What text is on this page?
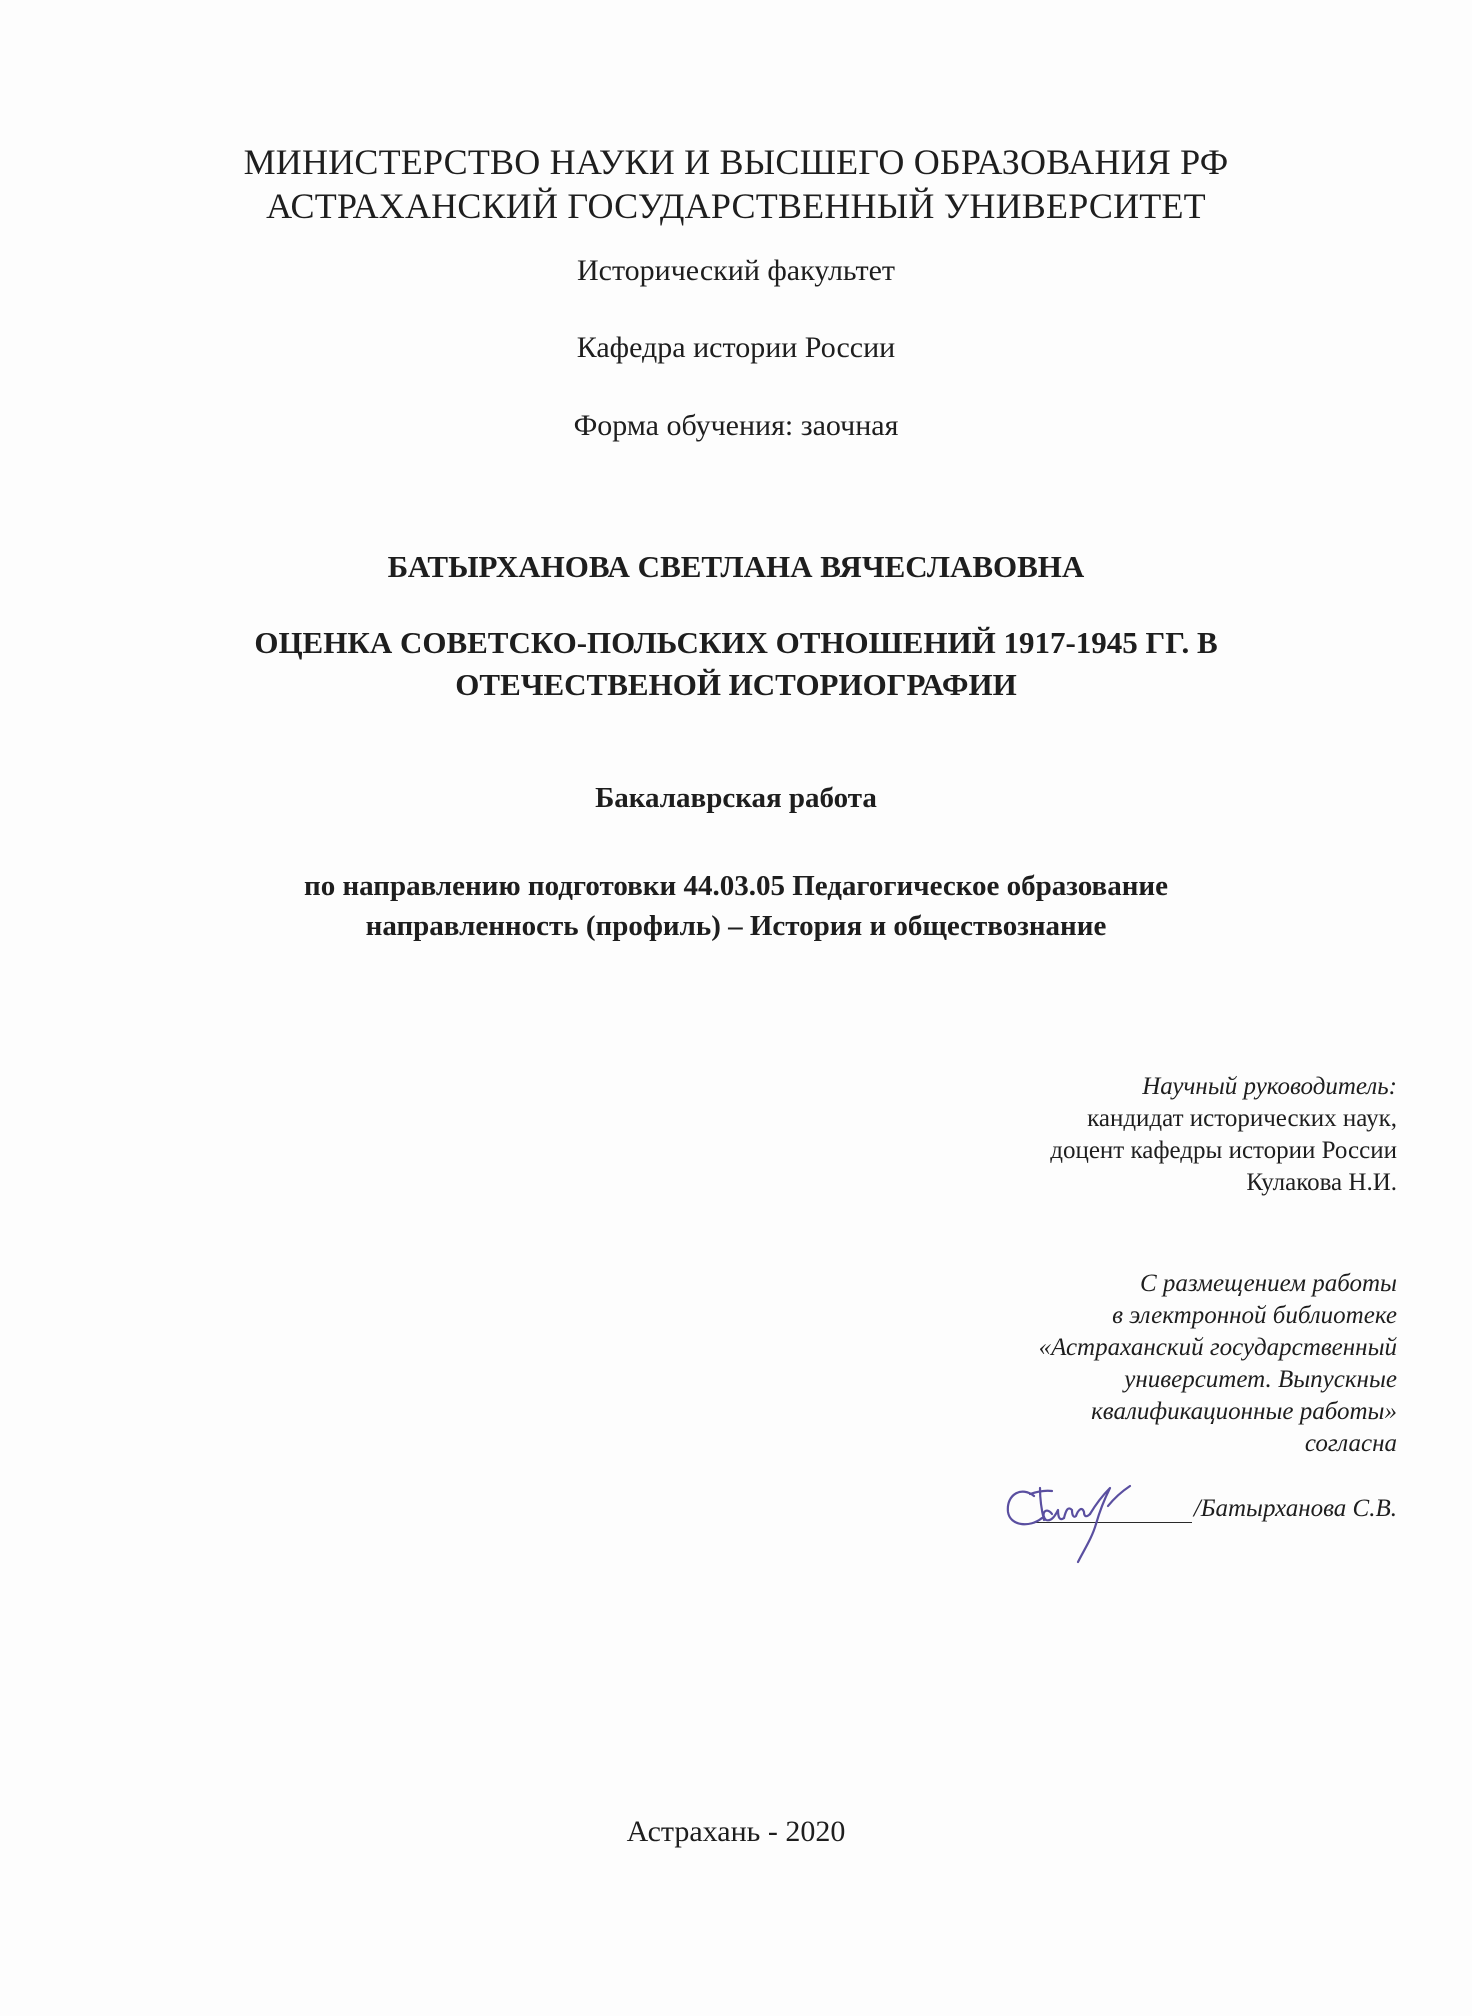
МИНИСТЕРСТВО НАУКИ И ВЫСШЕГО ОБРАЗОВАНИЯ РФ
АСТРАХАНСКИЙ ГОСУДАРСТВЕННЫЙ УНИВЕРСИТЕТ
Исторический факультет
Кафедра истории России
Форма обучения: заочная
БАТЫРХАНОВА СВЕТЛАНА ВЯЧЕСЛАВОВНА
ОЦЕНКА СОВЕТСКО-ПОЛЬСКИХ ОТНОШЕНИЙ 1917-1945 ГГ. В
ОТЕЧЕСТВЕНОЙ ИСТОРИОГРАФИИ
Бакалаврская работа
по направлению подготовки 44.03.05 Педагогическое образование
направленность (профиль) – История и обществознание
Научный руководитель:
кандидат исторических наук,
доцент кафедры истории России
Кулакова Н.И.
С размещением работы
в электронной библиотеке
«Астраханский государственный
университет. Выпускные
квалификационные работы»
согласна
/Батырханова С.В.
Астрахань - 2020
